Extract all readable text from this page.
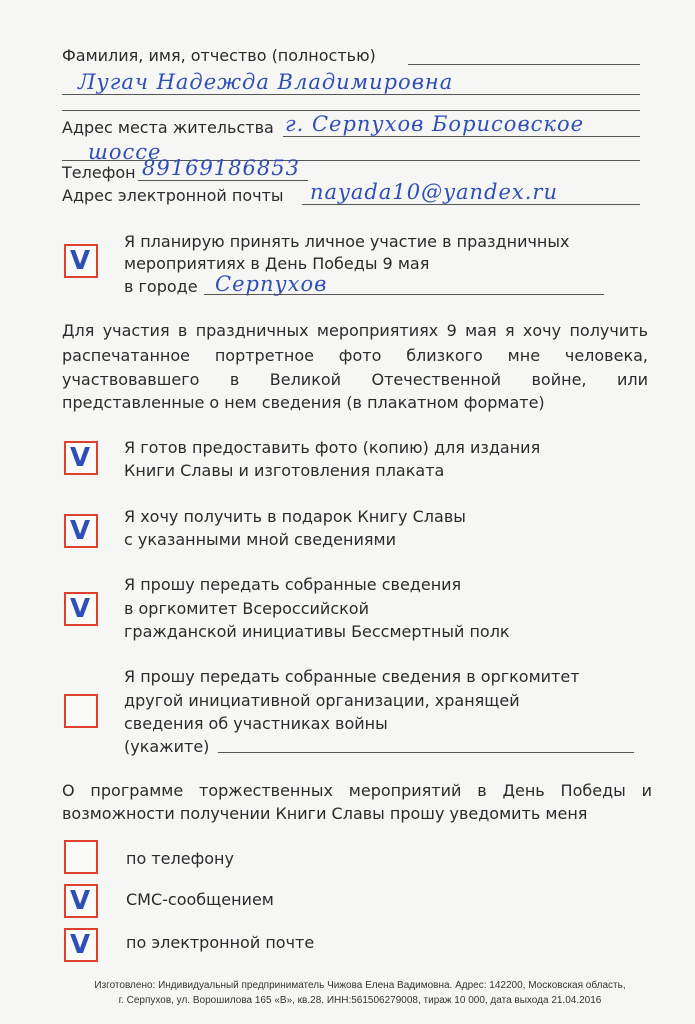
Фамилия, имя, отчество (полностью)
Лугач Надежда Владимировна
Адрес места жительства г. Серпухов Борисовское
шоссе
Телефон 89169186853
Адрес электронной почты nayada10@yandex.ru
V
Я планирую принять личное участие в праздничных
мероприятиях в День Победы 9 мая
в городе Серпухов
Для участия в праздничных мероприятиях 9 мая я хочу получить
распечатанное портретное фото близкого мне человека,
участвовавшего в Великой Отечественной войне, или
представленные о нем сведения (в плакатном формате)
V Я готов предоставить фото (копию) для издания
Книги Славы и изготовления плаката
V Я хочу получить в подарок Книгу Славы
с указанными мной сведениями
V
Я прошу передать собранные сведения
в оргкомитет Всероссийской
гражданской инициативы Бессмертный полк
Я прошу передать собранные сведения в оргкомитет
другой инициативной организации, хранящей
сведения об участниках войны
(укажите)
О программе торжественных мероприятий в День Победы и
возможности получении Книги Славы прошу уведомить меня
по телефону
V СМС-сообщением
V по электронной почте
Изготовлено: Индивидуальный предприниматель Чижова Елена Вадимовна. Адрес: 142200, Московская область,
г. Серпухов, ул. Ворошилова 165 «В», кв.28. ИНН:561506279008, тираж 10 000, дата выхода 21.04.2016
